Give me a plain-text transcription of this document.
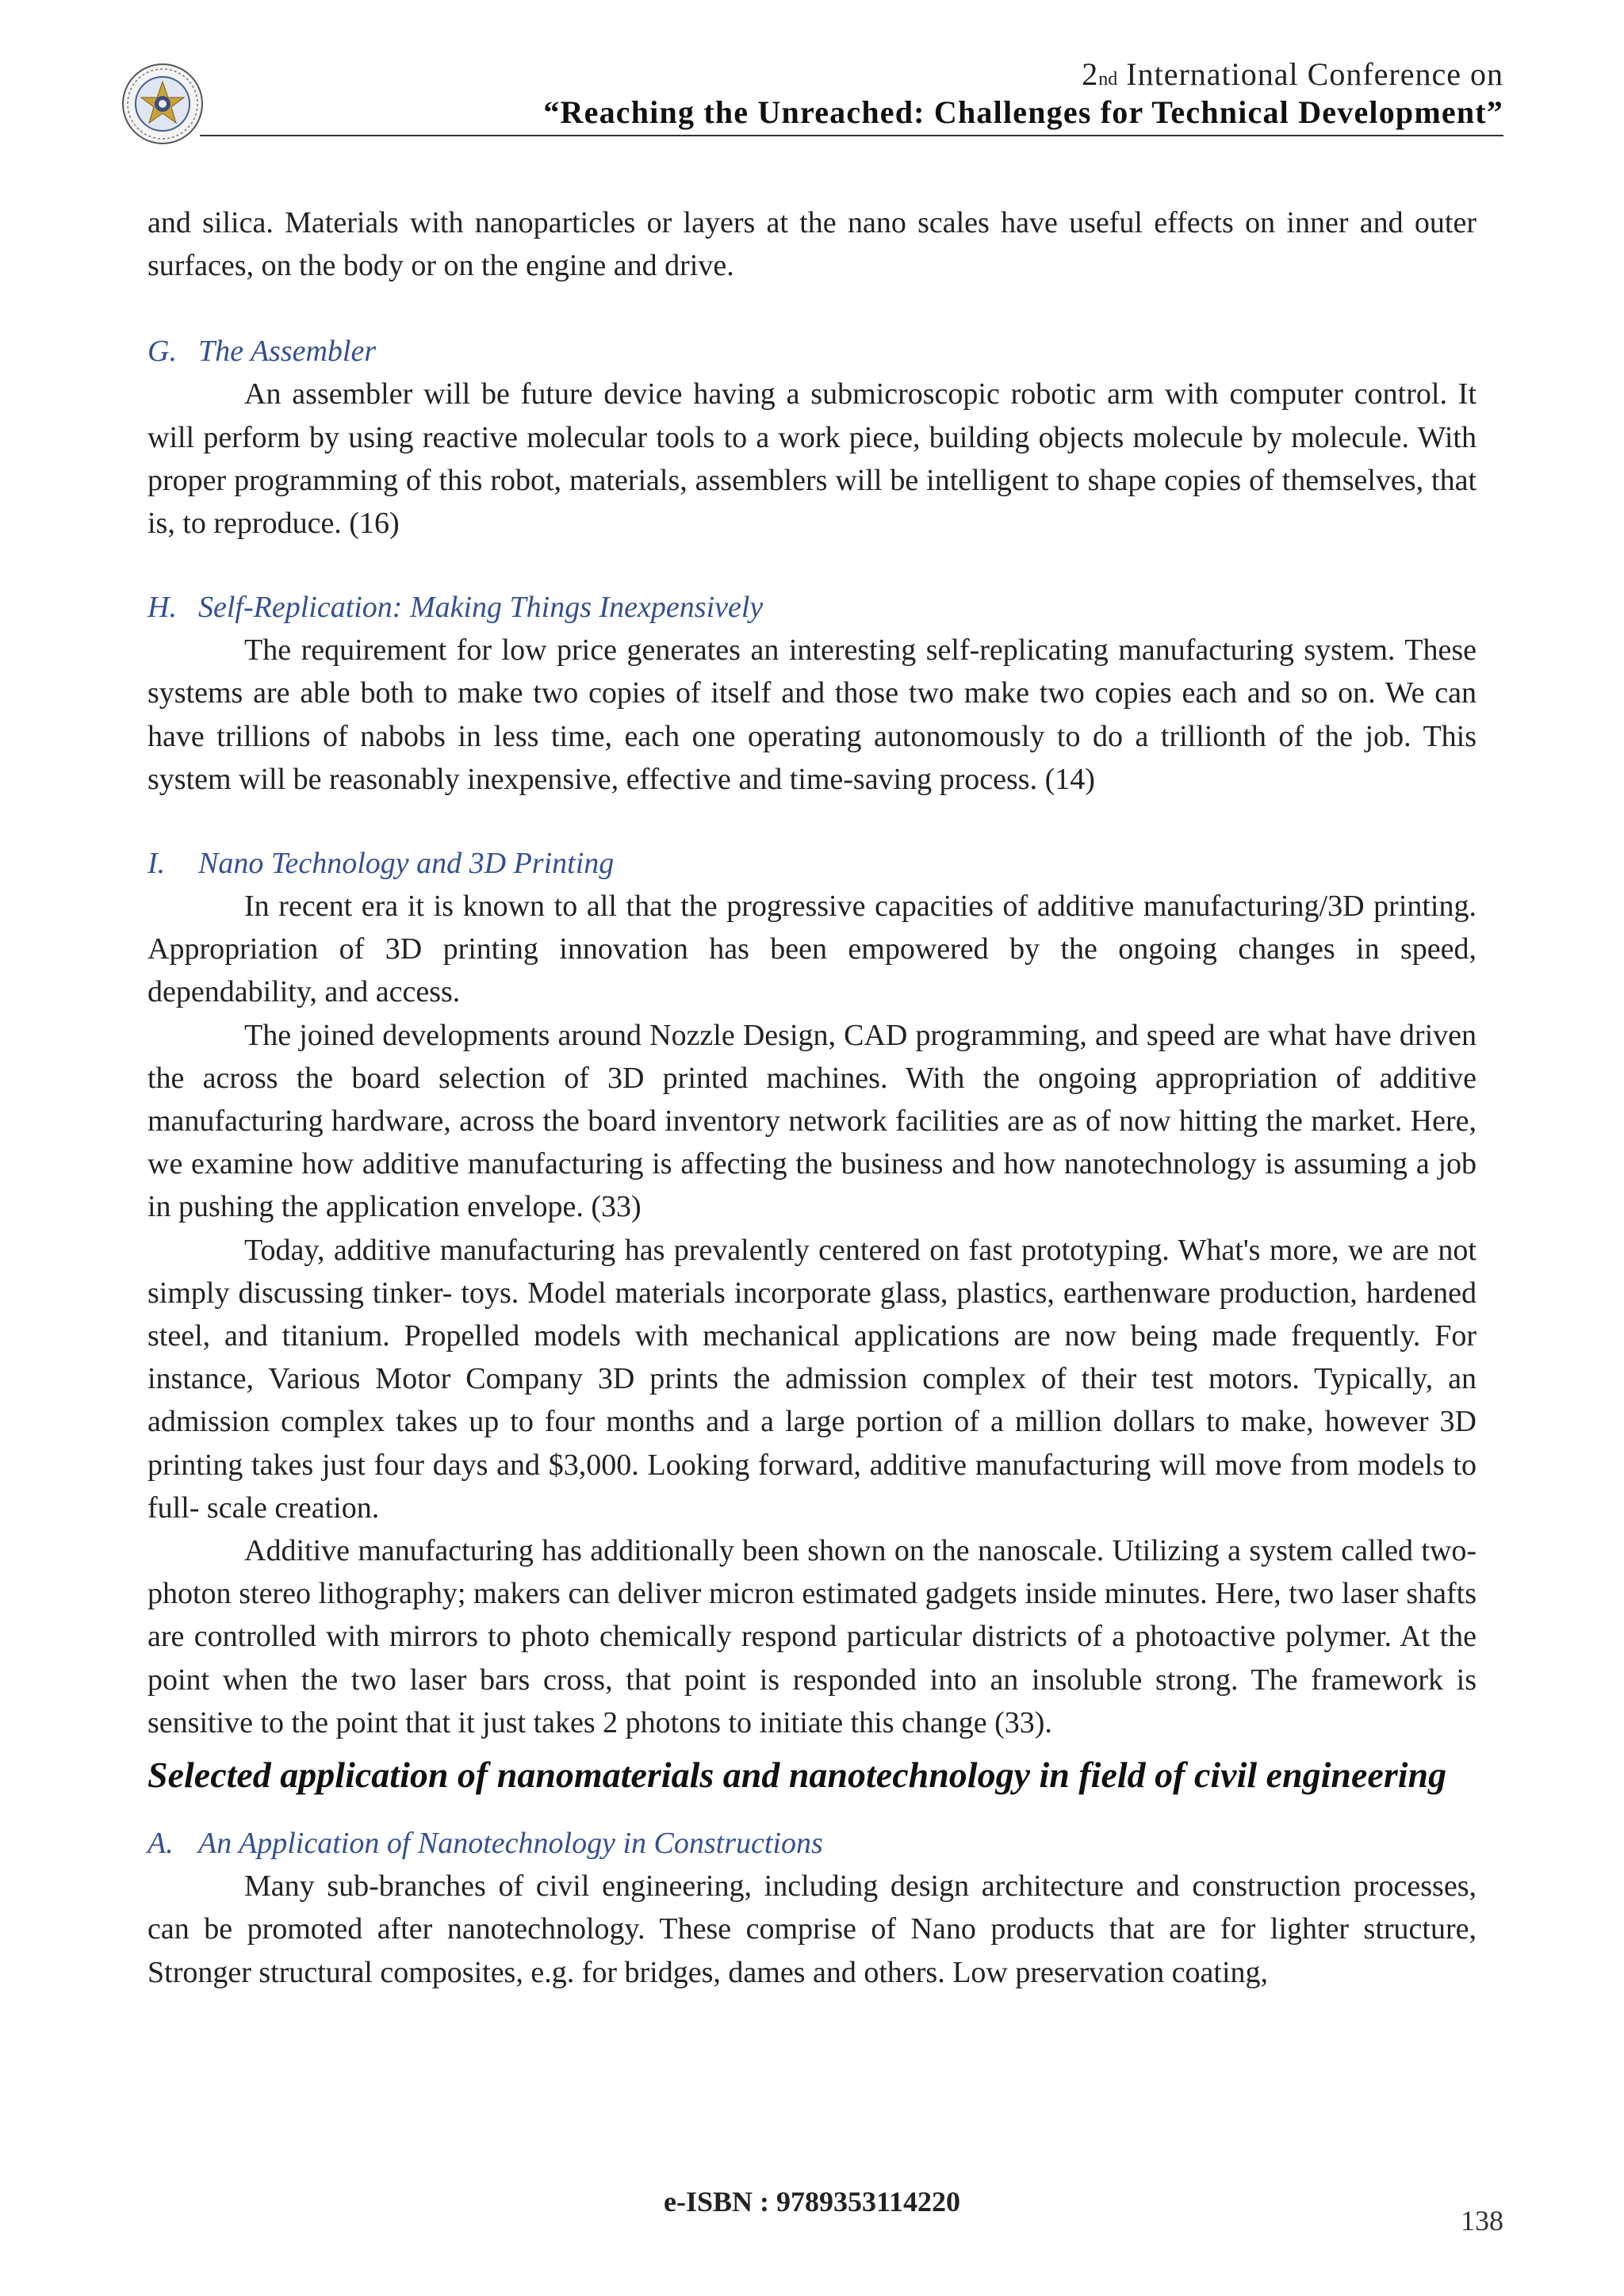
2nd International Conference on
“Reaching the Unreached: Challenges for Technical Development”

and silica. Materials with nanoparticles or layers at the nano scales have useful effects on inner and outer surfaces, on the body or on the engine and drive.

G. The Assembler

An assembler will be future device having a submicroscopic robotic arm with computer control. It will perform by using reactive molecular tools to a work piece, building objects molecule by molecule. With proper programming of this robot, materials, assemblers will be intelligent to shape copies of themselves, that is, to reproduce. (16)

H. Self-Replication: Making Things Inexpensively

The requirement for low price generates an interesting self-replicating manufacturing system. These systems are able both to make two copies of itself and those two make two copies each and so on. We can have trillions of nabobs in less time, each one operating autonomously to do a trillionth of the job. This system will be reasonably inexpensive, effective and time-saving process. (14)

I. Nano Technology and 3D Printing

In recent era it is known to all that the progressive capacities of additive manufacturing/3D printing. Appropriation of 3D printing innovation has been empowered by the ongoing changes in speed, dependability, and access.

The joined developments around Nozzle Design, CAD programming, and speed are what have driven the across the board selection of 3D printed machines. With the ongoing appropriation of additive manufacturing hardware, across the board inventory network facilities are as of now hitting the market. Here, we examine how additive manufacturing is affecting the business and how nanotechnology is assuming a job in pushing the application envelope. (33)

Today, additive manufacturing has prevalently centered on fast prototyping. What's more, we are not simply discussing tinker- toys. Model materials incorporate glass, plastics, earthenware production, hardened steel, and titanium. Propelled models with mechanical applications are now being made frequently. For instance, Various Motor Company 3D prints the admission complex of their test motors. Typically, an admission complex takes up to four months and a large portion of a million dollars to make, however 3D printing takes just four days and $3,000. Looking forward, additive manufacturing will move from models to full- scale creation.

Additive manufacturing has additionally been shown on the nanoscale. Utilizing a system called two-photon stereo lithography; makers can deliver micron estimated gadgets inside minutes. Here, two laser shafts are controlled with mirrors to photo chemically respond particular districts of a photoactive polymer. At the point when the two laser bars cross, that point is responded into an insoluble strong. The framework is sensitive to the point that it just takes 2 photons to initiate this change (33).

Selected application of nanomaterials and nanotechnology in field of civil engineering
A. An Application of Nanotechnology in Constructions

Many sub-branches of civil engineering, including design architecture and construction processes, can be promoted after nanotechnology. These comprise of Nano products that are for lighter structure, Stronger structural composites, e.g. for bridges, dames and others. Low preservation coating,

e-ISBN : 9789353114220
138
